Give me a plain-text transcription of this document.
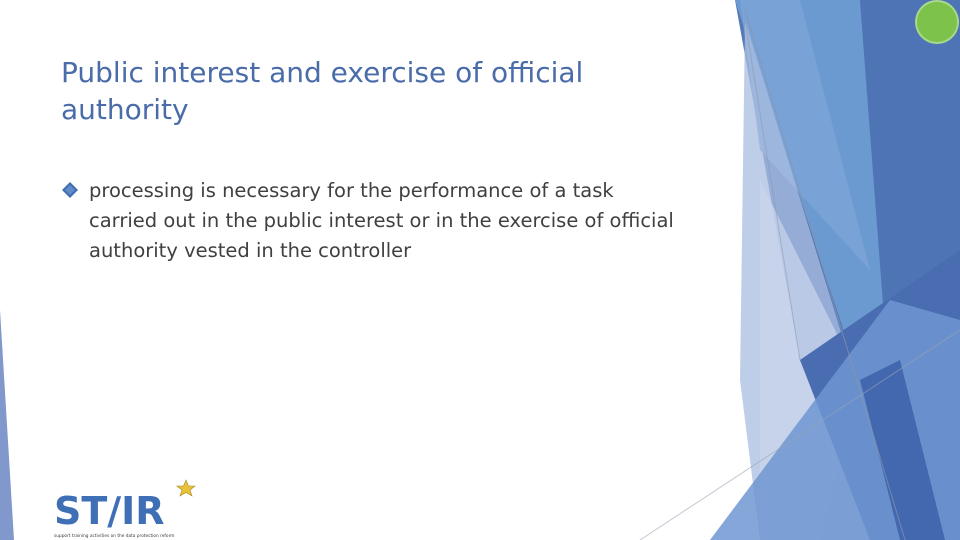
Public interest and exercise of official authority
processing is necessary for the performance of a task carried out in the public interest or in the exercise of official authority vested in the controller
ST∕IR
support training activities on the data protection reform
